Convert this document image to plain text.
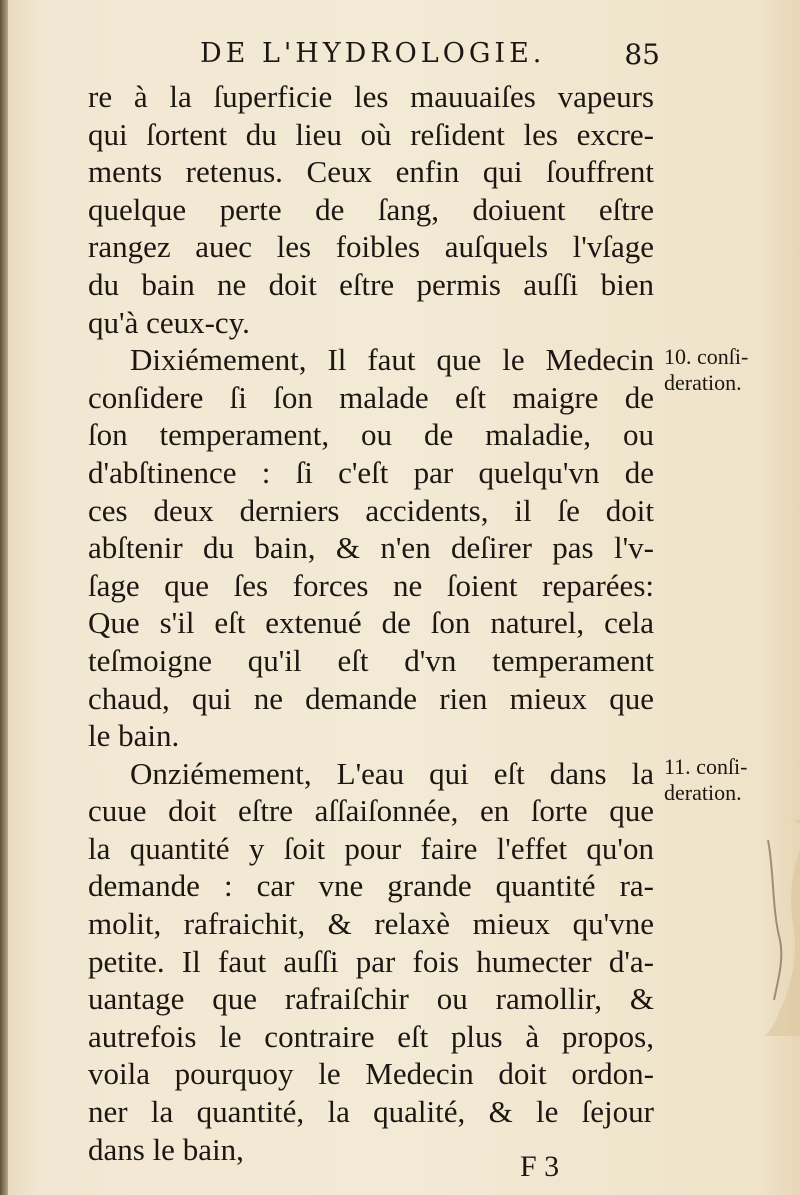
DE L'HYDROLOGIE.	85
re à la ſuperficie les mauuaiſes vapeurs
qui ſortent du lieu où reſident les excre-
ments retenus. Ceux enfin qui ſouffrent
quelque perte de ſang, doiuent eſtre
rangez auec les foibles auſquels l'vſage
du bain ne doit eſtre permis auſſi bien
qu'à ceux-cy.
Dixiémement, Il faut que le Medecin
conſidere ſi ſon malade eſt maigre de
ſon temperament, ou de maladie, ou
d'abſtinence : ſi c'eſt par quelqu'vn de
ces deux derniers accidents, il ſe doit
abſtenir du bain, & n'en deſirer pas l'v-
ſage que ſes forces ne ſoient reparées:
Que s'il eſt extenué de ſon naturel, cela
teſmoigne qu'il eſt d'vn temperament
chaud, qui ne demande rien mieux que
le bain.
Onziémement, L'eau qui eſt dans la
cuue doit eſtre aſſaiſonnée, en ſorte que
la quantité y ſoit pour faire l'effet qu'on
demande : car vne grande quantité ra-
molit, rafraichit, & relaxè mieux qu'vne
petite. Il faut auſſi par fois humecter d'a-
uantage que rafraiſchir ou ramollir, &
autrefois le contraire eſt plus à propos,
voila pourquoy le Medecin doit ordon-
ner la quantité, la qualité, & le ſejour
dans le bain,
10. conſi-
deration.
11. conſi-
deration.
F 3
